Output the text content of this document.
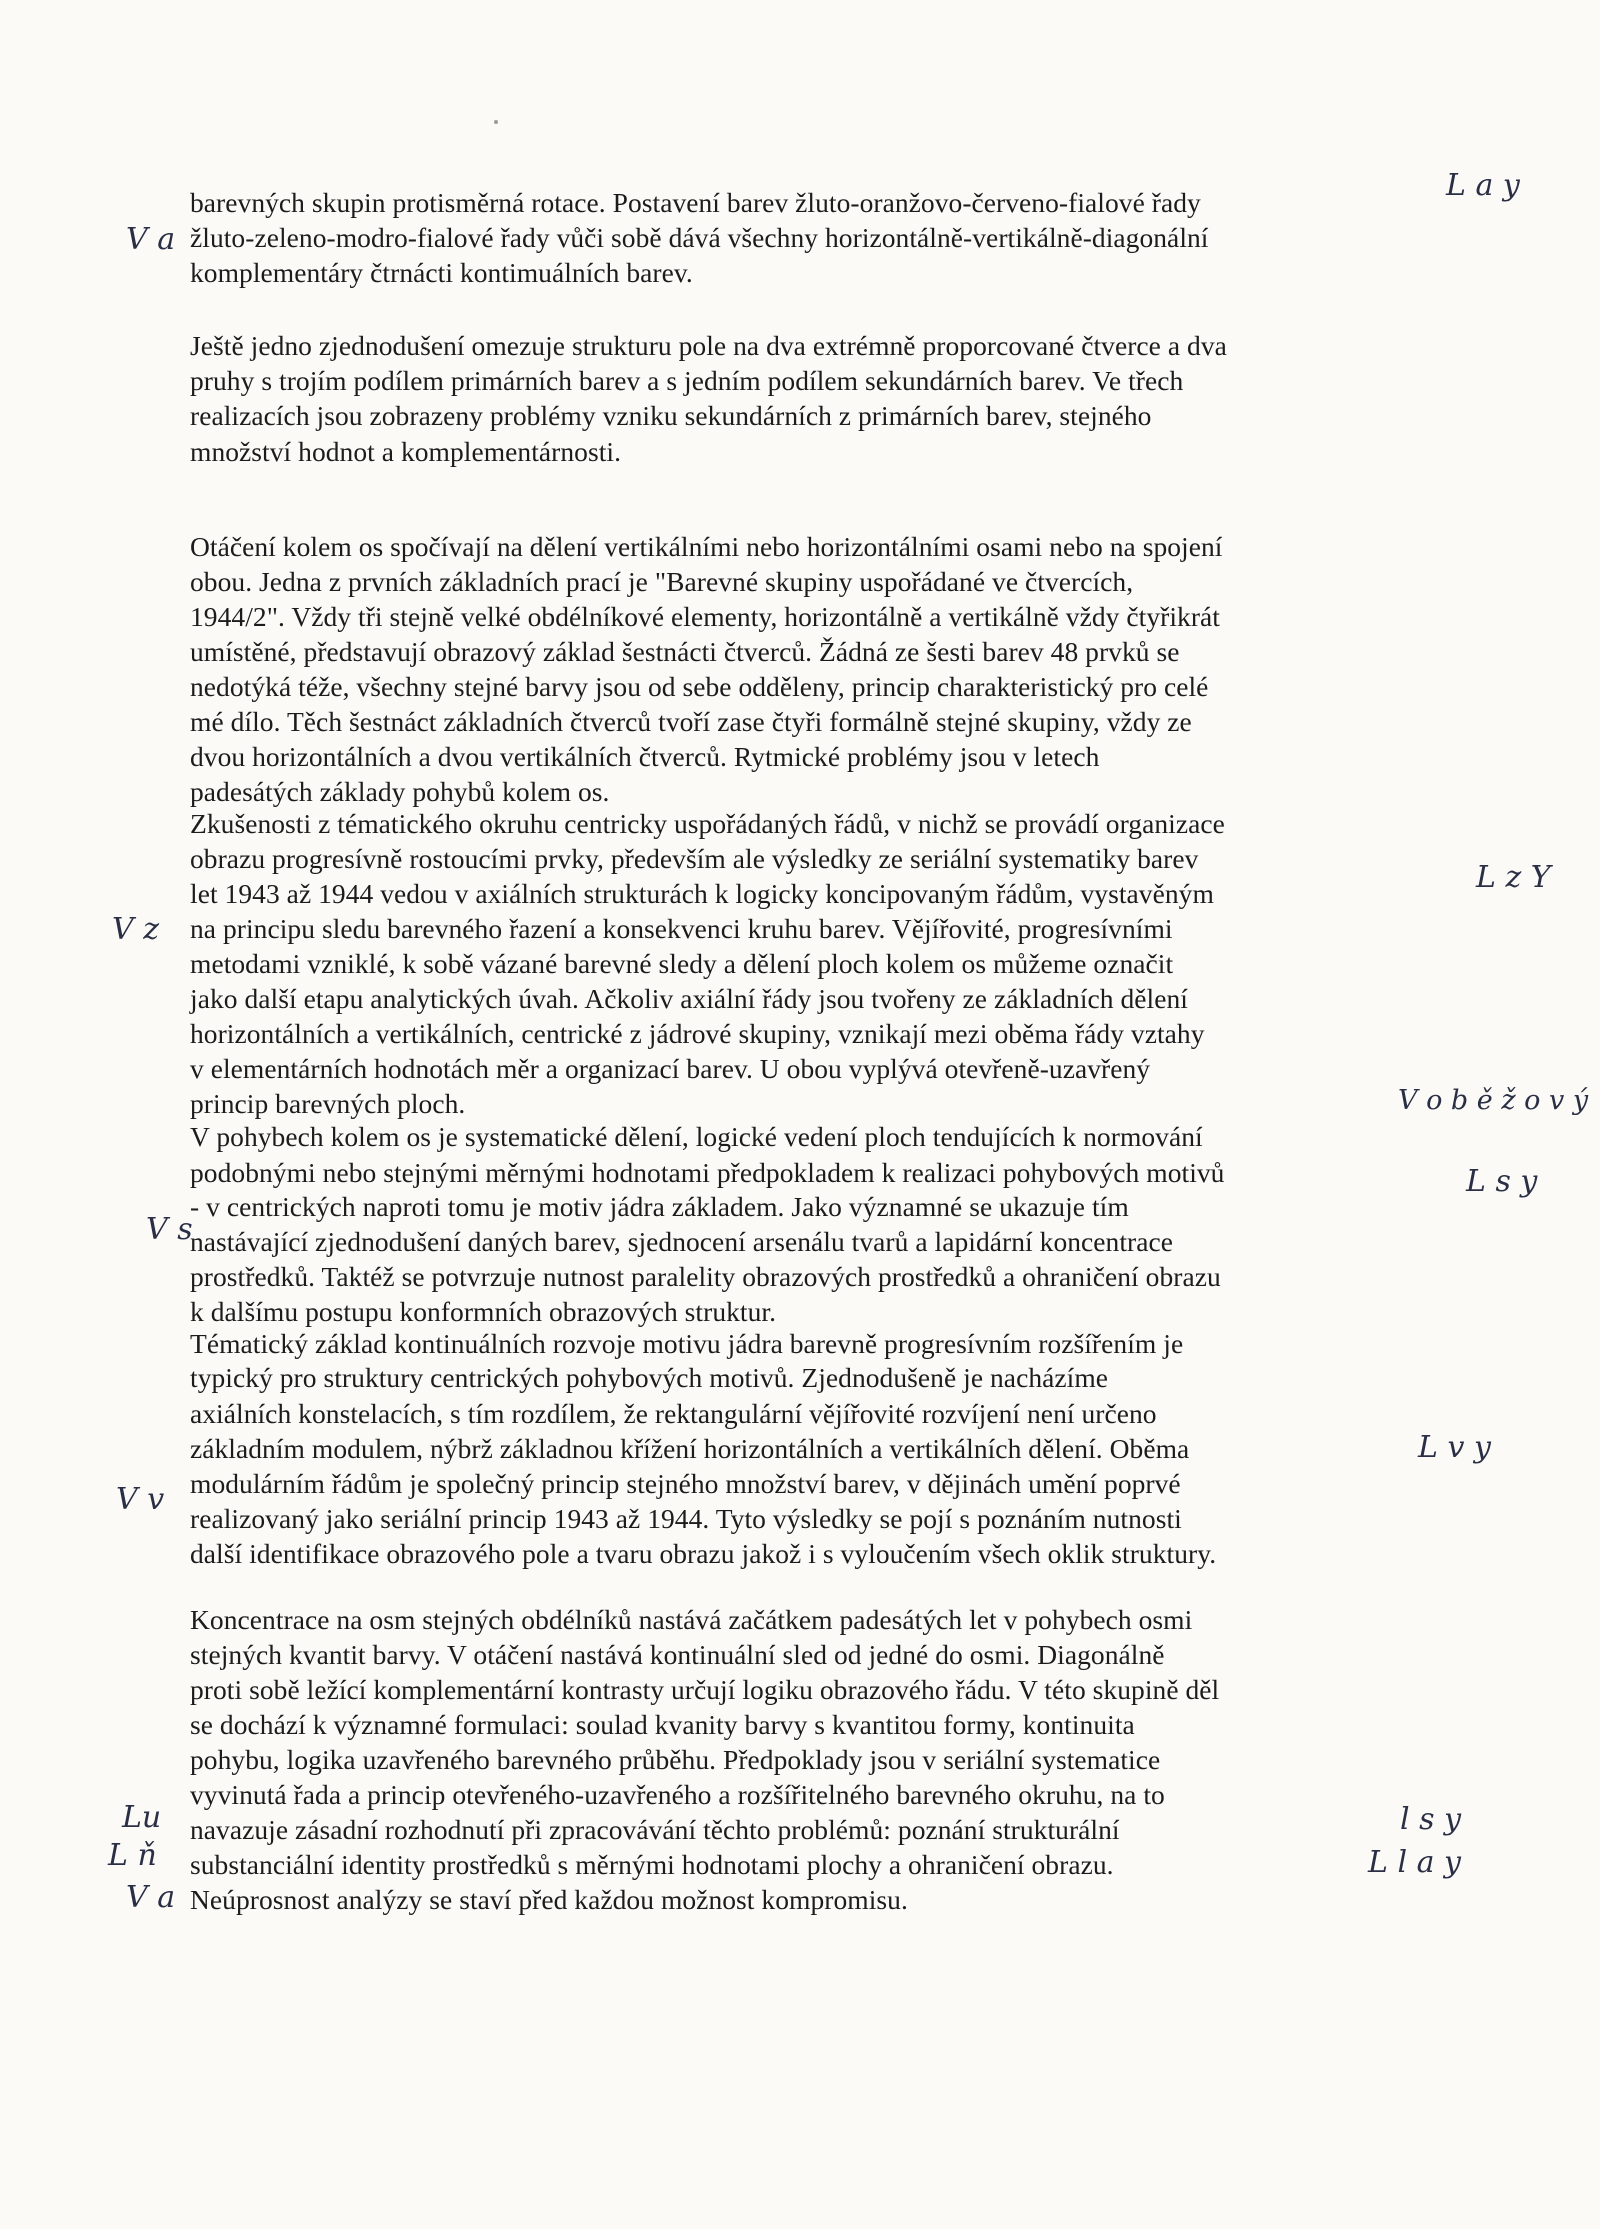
barevných skupin protisměrná rotace. Postavení barev žluto-oranžovo-červeno-fialové řady
žluto-zeleno-modro-fialové řady vůči sobě dává všechny horizontálně-vertikálně-diagonální
komplementáry čtrnácti kontimuálních barev.
Ještě jedno zjednodušení omezuje strukturu pole na dva extrémně proporcované čtverce a dva
pruhy s trojím podílem primárních barev a s jedním podílem sekundárních barev. Ve třech
realizacích jsou zobrazeny problémy vzniku sekundárních z primárních barev, stejného
množství hodnot a komplementárnosti.
Otáčení kolem os spočívají na dělení vertikálními nebo horizontálními osami nebo na spojení
obou. Jedna z prvních základních prací je "Barevné skupiny uspořádané ve čtvercích,
1944/2". Vždy tři stejně velké obdélníkové elementy, horizontálně a vertikálně vždy čtyřikrát
umístěné, představují obrazový základ šestnácti čtverců. Žádná ze šesti barev 48 prvků se
nedotýká téže, všechny stejné barvy jsou od sebe odděleny, princip charakteristický pro celé
mé dílo. Těch šestnáct základních čtverců tvoří zase čtyři formálně stejné skupiny, vždy ze
dvou horizontálních a dvou vertikálních čtverců. Rytmické problémy jsou v letech
padesátých základy pohybů kolem os.
Zkušenosti z tématického okruhu centricky uspořádaných řádů, v nichž se provádí organizace
obrazu progresívně rostoucími prvky, především ale výsledky ze seriální systematiky barev
let 1943 až 1944 vedou v axiálních strukturách k logicky koncipovaným řádům, vystavěným
na principu sledu barevného řazení a konsekvenci kruhu barev. Vějířovité, progresívními
metodami vzniklé, k sobě vázané barevné sledy a dělení ploch kolem os můžeme označit
jako další etapu analytických úvah. Ačkoliv axiální řády jsou tvořeny ze základních dělení
horizontálních a vertikálních, centrické z jádrové skupiny, vznikají mezi oběma řády vztahy
v elementárních hodnotách měr a organizací barev. U obou vyplývá otevřeně-uzavřený
princip barevných ploch.
V pohybech kolem os je systematické dělení, logické vedení ploch tendujících k normování
podobnými nebo stejnými měrnými hodnotami předpokladem k realizaci pohybových motivů
- v centrických naproti tomu je motiv jádra základem. Jako významné se ukazuje tím
nastávající zjednodušení daných barev, sjednocení arsenálu tvarů a lapidární koncentrace
prostředků. Taktéž se potvrzuje nutnost paralelity obrazových prostředků a ohraničení obrazu
k dalšímu postupu konformních obrazových struktur.
Tématický základ kontinuálních rozvoje motivu jádra barevně progresívním rozšířením je
typický pro struktury centrických pohybových motivů. Zjednodušeně je nacházíme
axiálních konstelacích, s tím rozdílem, že rektangulární vějířovité rozvíjení není určeno
základním modulem, nýbrž základnou křížení horizontálních a vertikálních dělení. Oběma
modulárním řádům je společný princip stejného množství barev, v dějinách umění poprvé
realizovaný jako seriální princip 1943 až 1944. Tyto výsledky se pojí s poznáním nutnosti
další identifikace obrazového pole a tvaru obrazu jakož i s vyloučením všech oklik struktury.
Koncentrace na osm stejných obdélníků nastává začátkem padesátých let v pohybech osmi
stejných kvantit barvy. V otáčení nastává kontinuální sled od jedné do osmi. Diagonálně
proti sobě ležící komplementární kontrasty určují logiku obrazového řádu. V této skupině děl
se dochází k významné formulaci: soulad kvanity barvy s kvantitou formy, kontinuita
pohybu, logika uzavřeného barevného průběhu. Předpoklady jsou v seriální systematice
vyvinutá řada a princip otevřeného-uzavřeného a rozšířitelného barevného okruhu, na to
navazuje zásadní rozhodnutí při zpracovávání těchto problémů: poznání strukturální
substanciální identity prostředků s měrnými hodnotami plochy a ohraničení obrazu.
Neúprosnost analýzy se staví před každou možnost kompromisu.
L a y
L z Y
V o b ě ž o v ý
L s y
L v y
l s y
L l a y
V a
V z
V s
V v
Lu
L ň
V a
